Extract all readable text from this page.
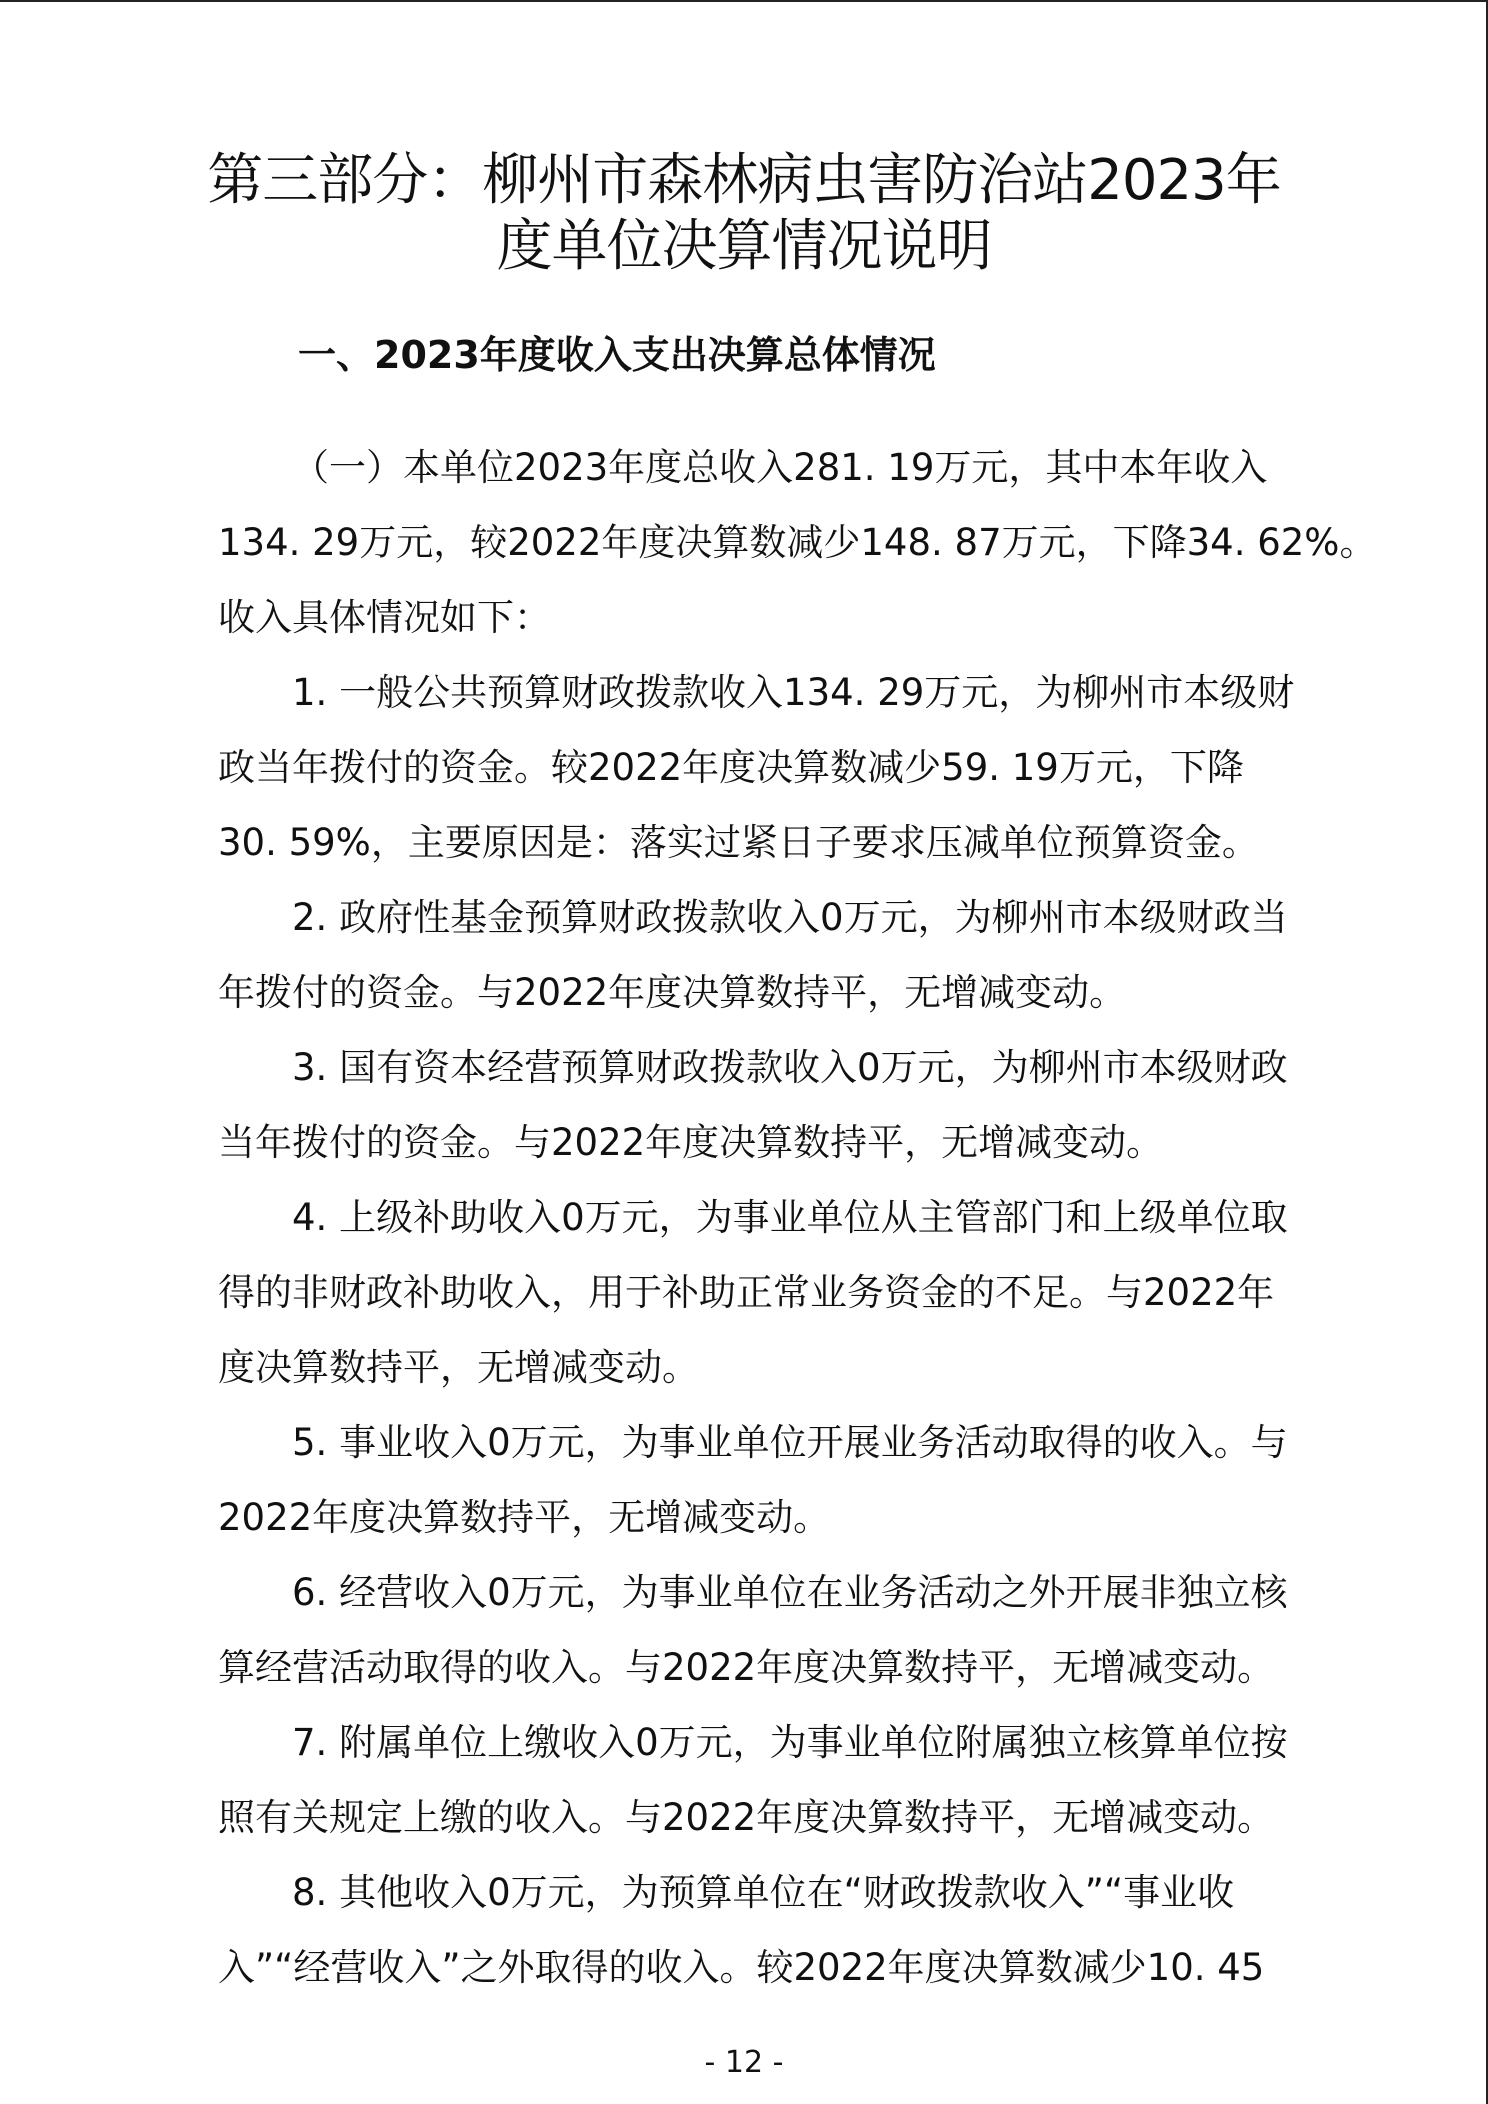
第三部分：柳州市森林病虫害防治站2023年
度单位决算情况说明
一、2023年度收入支出决算总体情况
（一）本单位2023年度总收入281. 19万元，其中本年收入
134. 29万元，较2022年度决算数减少148. 87万元，下降34. 62%。
收入具体情况如下：
1. 一般公共预算财政拨款收入134. 29万元，为柳州市本级财
政当年拨付的资金。较2022年度决算数减少59. 19万元，下降
30. 59%，主要原因是：落实过紧日子要求压减单位预算资金。
2. 政府性基金预算财政拨款收入0万元，为柳州市本级财政当
年拨付的资金。与2022年度决算数持平，无增减变动。
3. 国有资本经营预算财政拨款收入0万元，为柳州市本级财政
当年拨付的资金。与2022年度决算数持平，无增减变动。
4. 上级补助收入0万元，为事业单位从主管部门和上级单位取
得的非财政补助收入，用于补助正常业务资金的不足。与2022年
度决算数持平，无增减变动。
5. 事业收入0万元，为事业单位开展业务活动取得的收入。与
2022年度决算数持平，无增减变动。
6. 经营收入0万元，为事业单位在业务活动之外开展非独立核
算经营活动取得的收入。与2022年度决算数持平，无增减变动。
7. 附属单位上缴收入0万元，为事业单位附属独立核算单位按
照有关规定上缴的收入。与2022年度决算数持平，无增减变动。
8. 其他收入0万元，为预算单位在“财政拨款收入”“事业收
入”“经营收入”之外取得的收入。较2022年度决算数减少10. 45
- 12 -
